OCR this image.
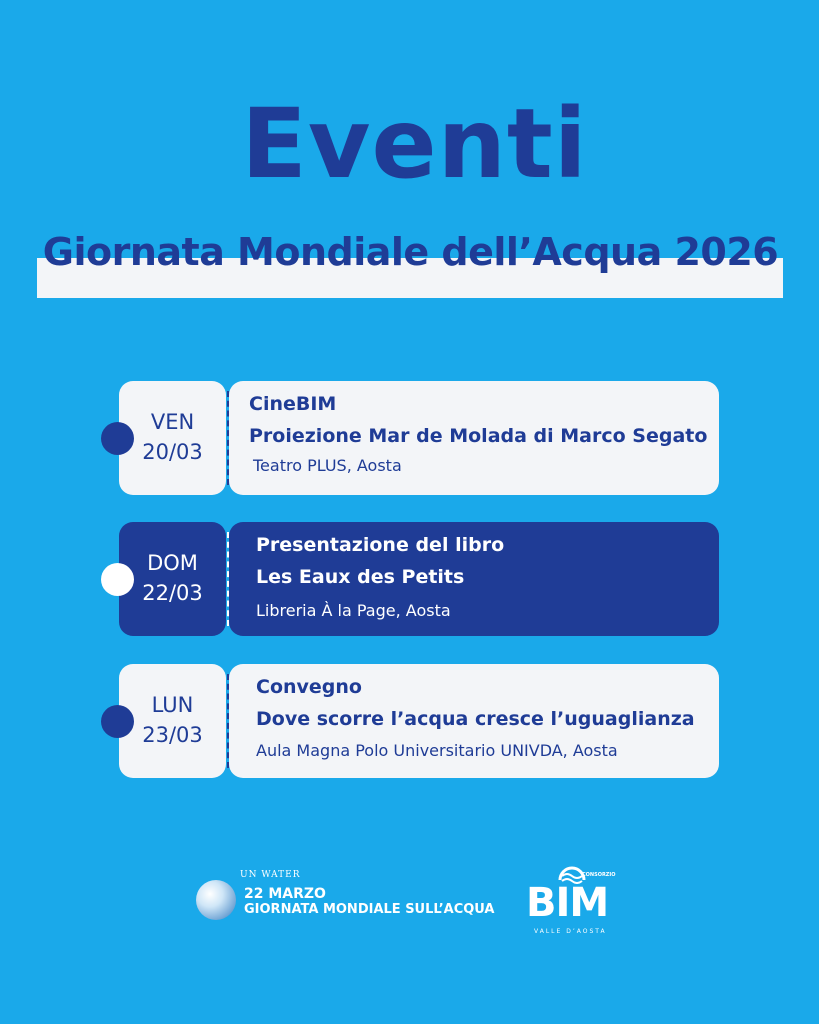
Eventi
Giornata Mondiale dell’Acqua 2026
VEN
20/03
CineBIM
Proiezione Mar de Molada di Marco Segato
Teatro PLUS, Aosta
DOM
22/03
Presentazione del libro
Les Eaux des Petits
Libreria À la Page, Aosta
LUN
23/03
Convegno
Dove scorre l’acqua cresce l’uguaglianza
Aula Magna Polo Universitario UNIVDA, Aosta
UN WATER
22 MARZO
GIORNATA MONDIALE SULL’ACQUA
CONSORZIO
BIM
VALLE D’AOSTA
